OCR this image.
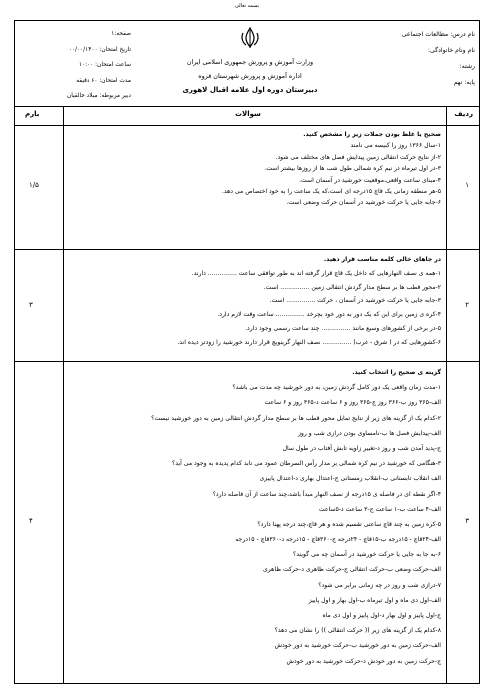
بسمه تعالی
نام درس: مطالعات اجتماعی
نام ونام خانوادگی:
رشته:
پایه: نهم
وزارت آموزش و پرورش جمهوری اسلامی ایران
اداره آموزش و پرورش شهرستان قروه
دبیرستان دوره اول علامه اقبال لاهوری
صفحه:۱
تاریخ امتحان: ۰۰/۰۰/۱۴۰۰
ساعت امتحان: ۱۰:۰۰
مدت امتحان: ۶۰ دقیقه
دبیر مربوطه: میلاد خالقیان
ردیف
سوالات
بارم
۱
۱/۵
صحیح یا غلط بودن جملات زیر را مشخص کنید.
۱-سال ۱۳۶۶ روز را کبیسه می نامند
۲-از نتایج حرکت انتقالی زمین پیدایش فصل های مختلف می شود.
۳-در اول تیرماه در نیم کره شمالی طول شب ها از روزها بیشتر است.
۴-مبنای ساعت واقعی،موقعیت خورشید در آسمان است.
۵-هر منطقه زمانی یک قاچ ۱۵درجه ای است،که یک ساعت را به خود اختصاص می دهد.
۶-جابه جایی یا حرکت خورشید در آسمان حرکت وضعی است.
۲
۳
در جاهای خالی کلمه مناسب قرار دهید.
۱-همه ی نصف النهارهایی که داخل یک قاچ قرار گرفته اند به طور توافقی ساعت ............... دارند.
۲-محور قطب ها بر سطح مدار گردش انتقالی زمین ............... است.
۳-جابه جایی یا حرکت خورشید در آسمان ، حرکت ............... است.
۴-کره ی زمین برای این که یک دور به دور خود بچرخد ............... ساعت وقت لازم دارد.
۵-در برخی از کشورهای وسیع مانند ............... چند ساعت رسمی وجود دارد.
۶-کشورهایی که در ( شرق - غرب) ............... نصف النهار گرینویچ قرار دارند خورشید را زودتر دیده اند.
۳
۴
گزینه ی صحیح را انتخاب کنید.
۱-مدت زمان واقعی یک دور کامل گردش زمین، به دور خورشید چه مدت می باشد؟
الف-۳۶۵ روز ب-۳۶۶ روز ج-۳۶۵ روز و ۶ ساعت د-۳۶۵ روز و ۶ ساعت
۲-کدام یک از گزینه های زیر از نتایج تمایل محور قطب ها بر سطح مدار گردش انتقالی زمین به دور خورشید نیست؟
الف-پیدایش فصل ها ب-نامساوی بودن درازی شب و روز
ج-پدید آمدن شب و روز د-تغییر زاویه تابش آفتاب در طول سال
۳-هنگامی که خورشید در نیم کره شمالی بر مدار رأس السرطان عمود می تابد کدام پدیده به وجود می آید؟
الف انقلاب تابستانی ب-انقلاب زمستانی ج-اعتدال بهاری د-اعتدال پاییزی
۴-اگر نقطه ای در فاصله ی ۱۵درجه از نصف النهار مبدأ باشد،چند ساعت از آن فاصله دارد؟
الف-۴ ساعت ب-۱ ساعت ج-۳ ساعت د-۵ساعت
۵-کره زمین به چند قاچ ساعتی تقسیم شده و هر قاچ،چند درجه پهنا دارد؟
الف-۲۴قاچ - ۱۵درجه ب-۱۵قاچ - ۲۴درجه ج-۳۶۰قاچ - ۱۵درجه د-۳۶۰قاچ - ۱۵درجه
۶-به جا به جایی یا حرکت خورشید در آسمان چه می گویند؟
الف-حرکت وضعی ب-حرکت انتقالی ج-حرکت ظاهری د-حرکت ظاهری
۷-درازی شب و روز در چه زمانی برابر می شود؟
الف-اول دی ماه و اول تیرماه ب-اول بهار و اول پاییز
ج-اول پاییز و اول بهار د-اول پاییز و اول دی ماه
۸-کدام یک از گزینه های زیر (( حرکت انتقالی )) را نشان می دهد؟
الف-حرکت زمین به دور خورشید ب-حرکت خورشید به دور خودش
ج-حرکت زمین به دور خودش د-حرکت خورشید به دور خودش
